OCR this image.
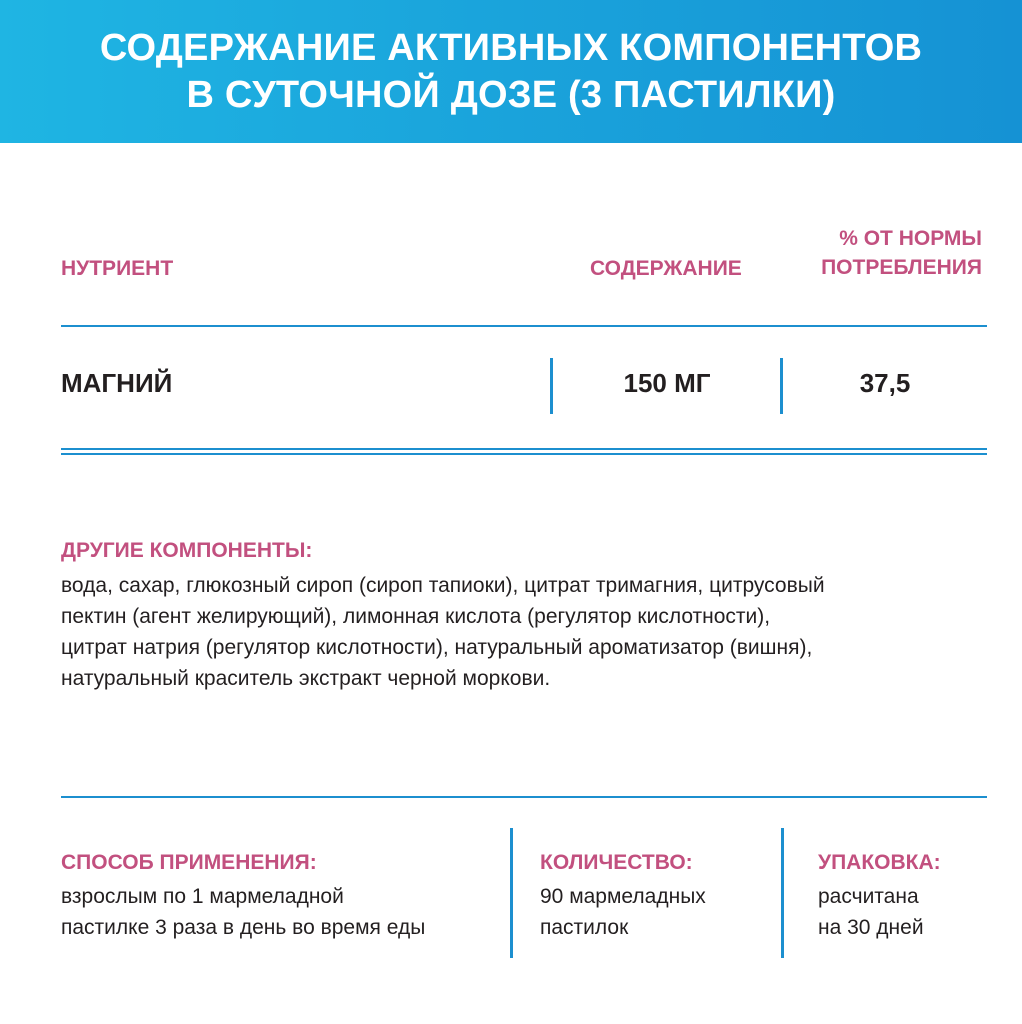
СОДЕРЖАНИЕ АКТИВНЫХ КОМПОНЕНТОВ
В СУТОЧНОЙ ДОЗЕ (3 ПАСТИЛКИ)
НУТРИЕНТ	СОДЕРЖАНИЕ
% ОТ НОРМЫ
ПОТРЕБЛЕНИЯ
МАГНИЙ	150 МГ	37,5
ДРУГИЕ КОМПОНЕНТЫ:
вода, сахар, глюкозный сироп (сироп тапиоки), цитрат тримагния, цитрусовый
пектин (агент желирующий), лимонная кислота (регулятор кислотности),
цитрат натрия (регулятор кислотности), натуральный ароматизатор (вишня),
натуральный краситель экстракт черной моркови.
СПОСОБ ПРИМЕНЕНИЯ:
взрослым по 1 мармеладной
пастилке 3 раза в день во время еды
КОЛИЧЕСТВО:
90 мармеладных
пастилок
УПАКОВКА:
расчитана
на 30 дней
